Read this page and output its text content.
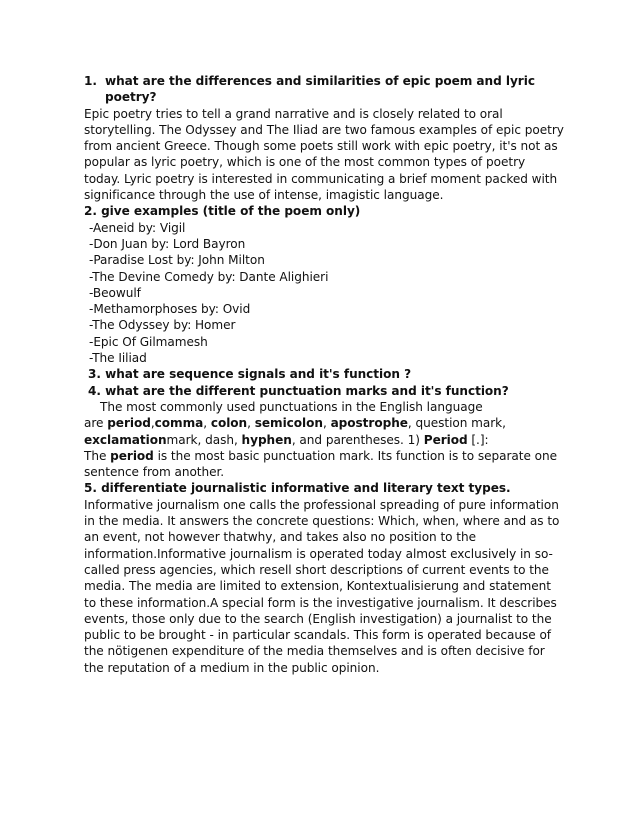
1. what are the differences and similarities of epic poem and lyric poetry?

Epic poetry tries to tell a grand narrative and is closely related to oral storytelling. The Odyssey and The Iliad are two famous examples of epic poetry from ancient Greece. Though some poets still work with epic poetry, it's not as popular as lyric poetry, which is one of the most common types of poetry today. Lyric poetry is interested in communicating a brief moment packed with significance through the use of intense, imagistic language.

2. give examples (title of the poem only)

-Aeneid by: Vigil

-Don Juan by: Lord Bayron

-Paradise Lost by: John Milton

-The Devine Comedy by: Dante Alighieri

-Beowulf

-Methamorphoses by: Ovid

-The Odyssey by: Homer

-Epic Of Gilmamesh

-The Iiliad

3. what are sequence signals and it's function ?

4. what are the different punctuation marks and it's function?

The most commonly used punctuations in the English language

are period,comma, colon, semicolon, apostrophe, question mark, exclamationmark, dash, hyphen, and parentheses. 1) Period [.]:

The period is the most basic punctuation mark. Its function is to separate one sentence from another.

5. differentiate journalistic informative and literary text types.

Informative journalism one calls the professional spreading of pure information in the media. It answers the concrete questions: Which, when, where and as to an event, not however thatwhy, and takes also no position to the information.Informative journalism is operated today almost exclusively in so-called press agencies, which resell short descriptions of current events to the media. The media are limited to extension, Kontextualisierung and statement to these information.A special form is the investigative journalism. It describes events, those only due to the search (English investigation) a journalist to the public to be brought - in particular scandals. This form is operated because of the nötigenen expenditure of the media themselves and is often decisive for the reputation of a medium in the public opinion.
